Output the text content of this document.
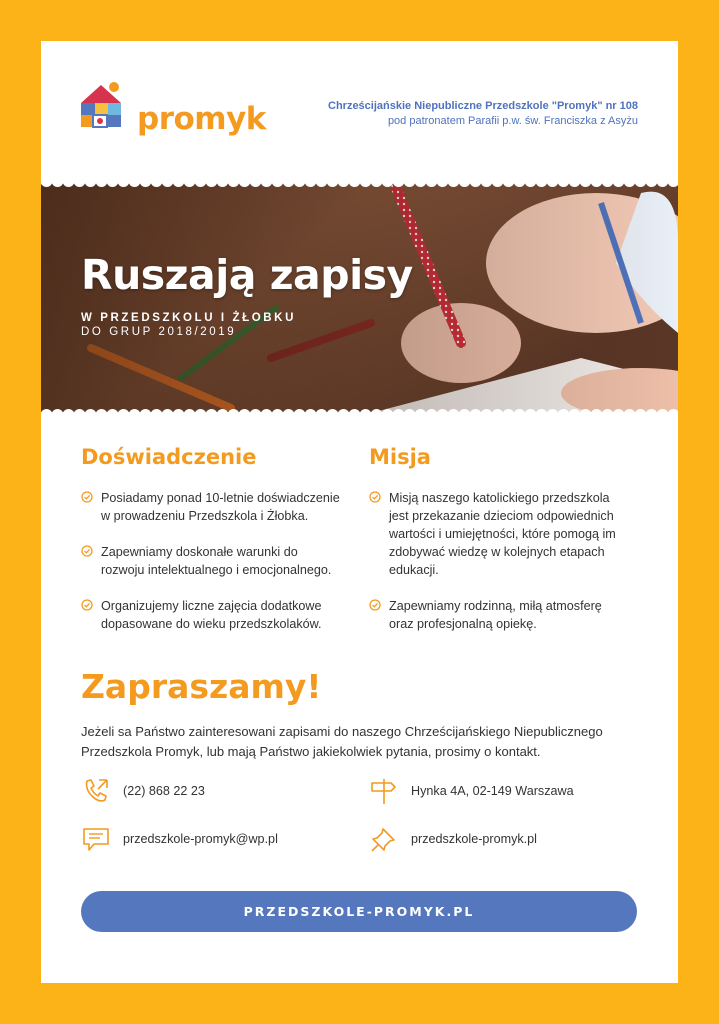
promyk	Chrześcijańskie Niepubliczne Przedszkole "Promyk" nr 108
pod patronatem Parafii p.w. św. Franciszka z Asyżu
Ruszają zapisy
W PRZEDSZKOLU I ŻŁOBKU
DO GRUP 2018/2019
Doświadczenie
Posiadamy ponad 10-letnie doświadczenie
w prowadzeniu Przedszkola i Żłobka.
Zapewniamy doskonałe warunki do
rozwoju intelektualnego i emocjonalnego.
Organizujemy liczne zajęcia dodatkowe
dopasowane do wieku przedszkolaków.
Misja
Misją naszego katolickiego przedszkola
jest przekazanie dzieciom odpowiednich
wartości i umiejętności, które pomogą im
zdobywać wiedzę w kolejnych etapach
edukacji.
Zapewniamy rodzinną, miłą atmosferę
oraz profesjonalną opiekę.
Zapraszamy!
Jeżeli sa Państwo zainteresowani zapisami do naszego Chrześcijańskiego Niepublicznego
Przedszkola Promyk, lub mają Państwo jakiekolwiek pytania, prosimy o kontakt.
(22) 868 22 23	Hynka 4A, 02-149 Warszawa
przedszkole-promyk@wp.pl	przedszkole-promyk.pl
PRZEDSZKOLE-PROMYK.PL
